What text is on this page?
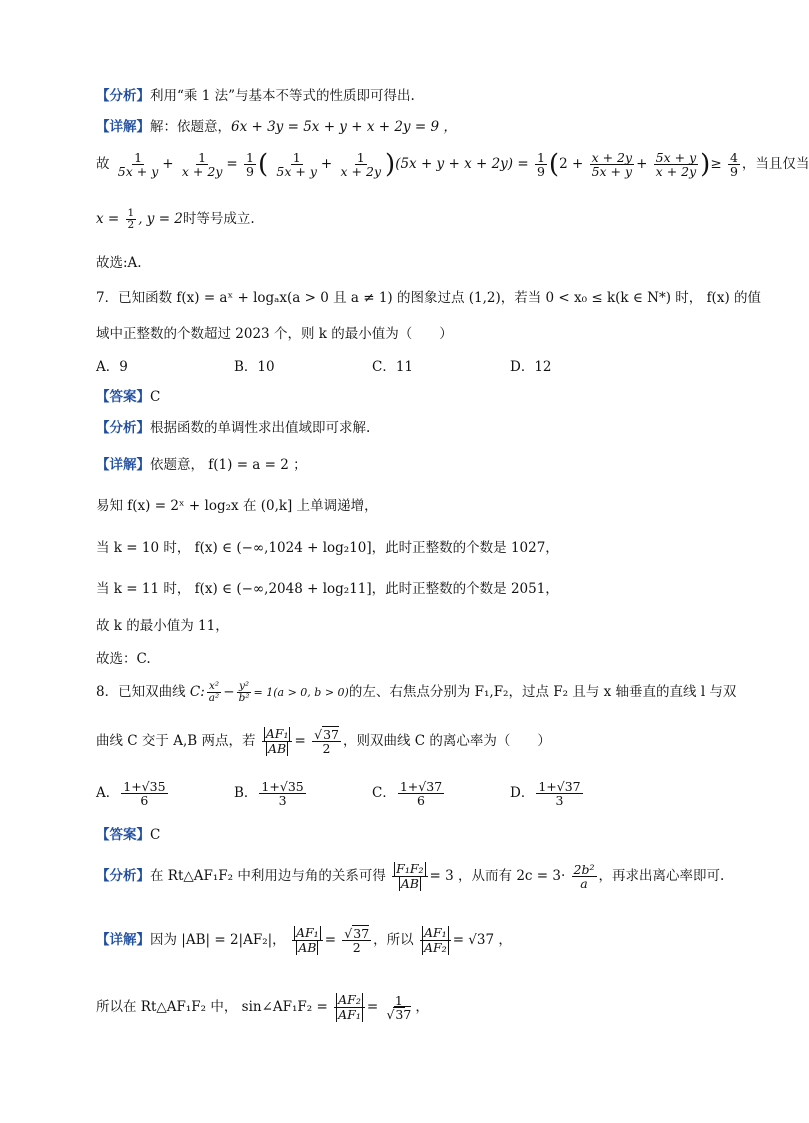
【分析】利用“乘 1 法”与基本不等式的性质即可得出.
【详解】解：依题意，6x + 3y = 5x + y + x + 2y = 9 ，
故 $\frac{1}{5x + y} + \frac{1}{x + 2y} = \frac{1}{9}$ ( $\frac{1}{5x + y} + \frac{1}{x + 2y} )(5x + y + x + 2y) = \frac{1}{9} (2 + \frac{x + 2y}{5x + y} + \frac{5x + y}{x + 2y}$ )≥ $\frac{4}{9}$ ，当且仅当
$x = \frac{1}{2}$ , y = 2时等号成立.
故选:A.
7．已知函数 f(x) = aˣ + logₐx(a > 0 且 a ≠ 1) 的图象过点 (1,2)，若当 0 < x₀ ≤ k(k ∈ N*) 时， f(x) 的值
域中正整数的个数超过 2023 个，则 k 的最小值为（　　）
A．9	B．10	C．11	D．12
【答案】C
【分析】根据函数的单调性求出值域即可求解.
【详解】依题意， f(1) = a = 2 ；
易知 f(x) = 2ˣ + log₂x 在 (0,k] 上单调递增，
当 k = 10 时， f(x) ∈ (−∞,1024 + log₂10]，此时正整数的个数是 1027，
当 k = 11 时， f(x) ∈ (−∞,2048 + log₂11]，此时正整数的个数是 2051，
故 k 的最小值为 11，
故选：C.
8．已知双曲线 C: $\frac{\text{x²}}{\text{a²}} - \frac{\text{y²}}{\text{b²}} = 1(a > 0$, b > 0)的左、右焦点分别为 F₁,F₂，过点 F₂ 且与 x 轴垂直的直线 l 与双
曲线 C 交于 A,B 两点，若 $\frac{\text{AF₁}}{AB} = \frac{√37}{2}$ ，则双曲线 C 的离心率为（　　）
A． $\frac{1+√35}{6}$	B． $\frac{1+√35}{3}$	C． $\frac{1+√37}{6}$	D． $\frac{1+√37}{3}$
【答案】C
【分析】在 Rt△AF₁F₂ 中利用边与角的关系可得 $\frac{\text{F₁F₂}}{AB} = 3$ ，从而有 $2c = 3\cdot \frac{\text{2b²}}{a}$ ，再求出离心率即可.
【详解】因为 |AB| = 2|AF₂|， $\frac{\text{AF₁}}{AB} = \frac{√37}{2}$ ，所以 $\frac{\text{AF₁}}{\text{AF₂}} = √37$ ，
所以在 Rt△AF₁F₂ 中， sin∠AF₁F₂ = $\frac{\text{AF₂}}{\text{AF₁}} = \frac{1}{√37}$ ，
